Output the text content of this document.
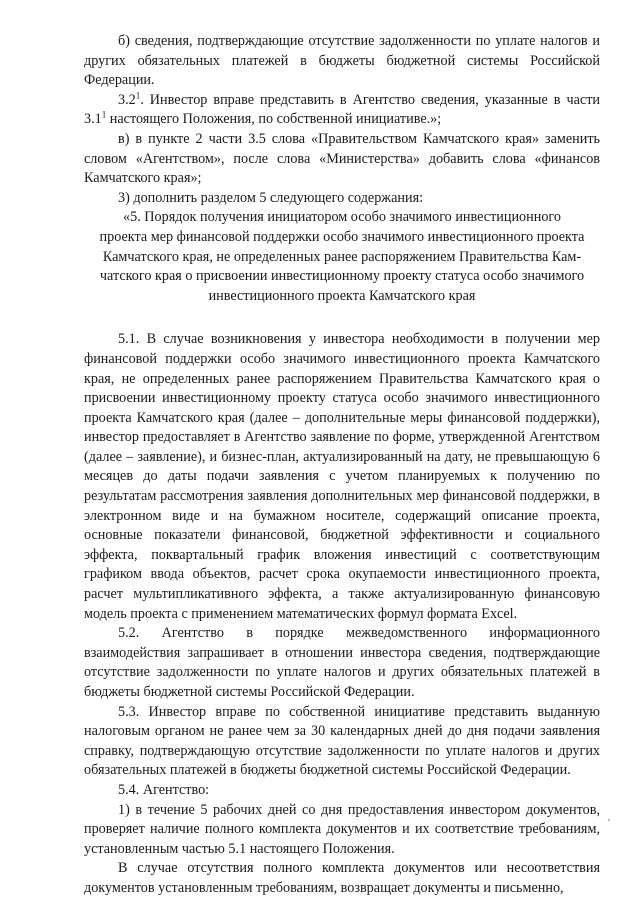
б) сведения, подтверждающие отсутствие задолженности по уплате налогов и других обязательных платежей в бюджеты бюджетной системы Российской Федерации.

$3.2^1$. Инвестор вправе представить в Агентство сведения, указанные в части $3.1^1$ настоящего Положения, по собственной инициативе.»;

в) в пункте 2 части 3.5 слова «Правительством Камчатского края» заменить словом «Агентством», после слова «Министерства» добавить слова «финансов Камчатского края»;

3) дополнить разделом 5 следующего содержания:

«5. Порядок получения инициатором особо значимого инвестиционного
проекта мер финансовой поддержки особо значимого инвестиционного проекта
Камчатского края, не определенных ранее распоряжением Правительства Кам-
чатского края о присвоении инвестиционному проекту статуса особо значимого
инвестиционного проекта Камчатского края

5.1. В случае возникновения у инвестора необходимости в получении мер финансовой поддержки особо значимого инвестиционного проекта Камчатского края, не определенных ранее распоряжением Правительства Камчатского края о присвоении инвестиционному проекту статуса особо значимого инвестиционного проекта Камчатского края (далее – дополнительные меры финансовой поддержки), инвестор предоставляет в Агентство заявление по форме, утвержденной Агентством (далее – заявление), и бизнес-план, актуализированный на дату, не превышающую 6 месяцев до даты подачи заявления с учетом планируемых к получению по результатам рассмотрения заявления дополнительных мер финансовой поддержки, в электронном виде и на бумажном носителе, содержащий описание проекта, основные показатели финансовой, бюджетной эффективности и социального эффекта, поквартальный график вложения инвестиций с соответствующим графиком ввода объектов, расчет срока окупаемости инвестиционного проекта, расчет мультипликативного эффекта, а также актуализированную финансовую модель проекта с применением математических формул формата Excel.

5.2. Агентство в порядке межведомственного информационного взаимодействия запрашивает в отношении инвестора сведения, подтверждающие отсутствие задолженности по уплате налогов и других обязательных платежей в бюджеты бюджетной системы Российской Федерации.

5.3. Инвестор вправе по собственной инициативе представить выданную налоговым органом не ранее чем за 30 календарных дней до дня подачи заявления справку, подтверждающую отсутствие задолженности по уплате налогов и других обязательных платежей в бюджеты бюджетной системы Российской Федерации.

5.4. Агентство:

1) в течение 5 рабочих дней со дня предоставления инвестором документов, проверяет наличие полного комплекта документов и их соответствие требованиям, установленным частью 5.1 настоящего Положения.

В случае отсутствия полного комплекта документов или несоответствия документов установленным требованиям, возвращает документы и письменно,
